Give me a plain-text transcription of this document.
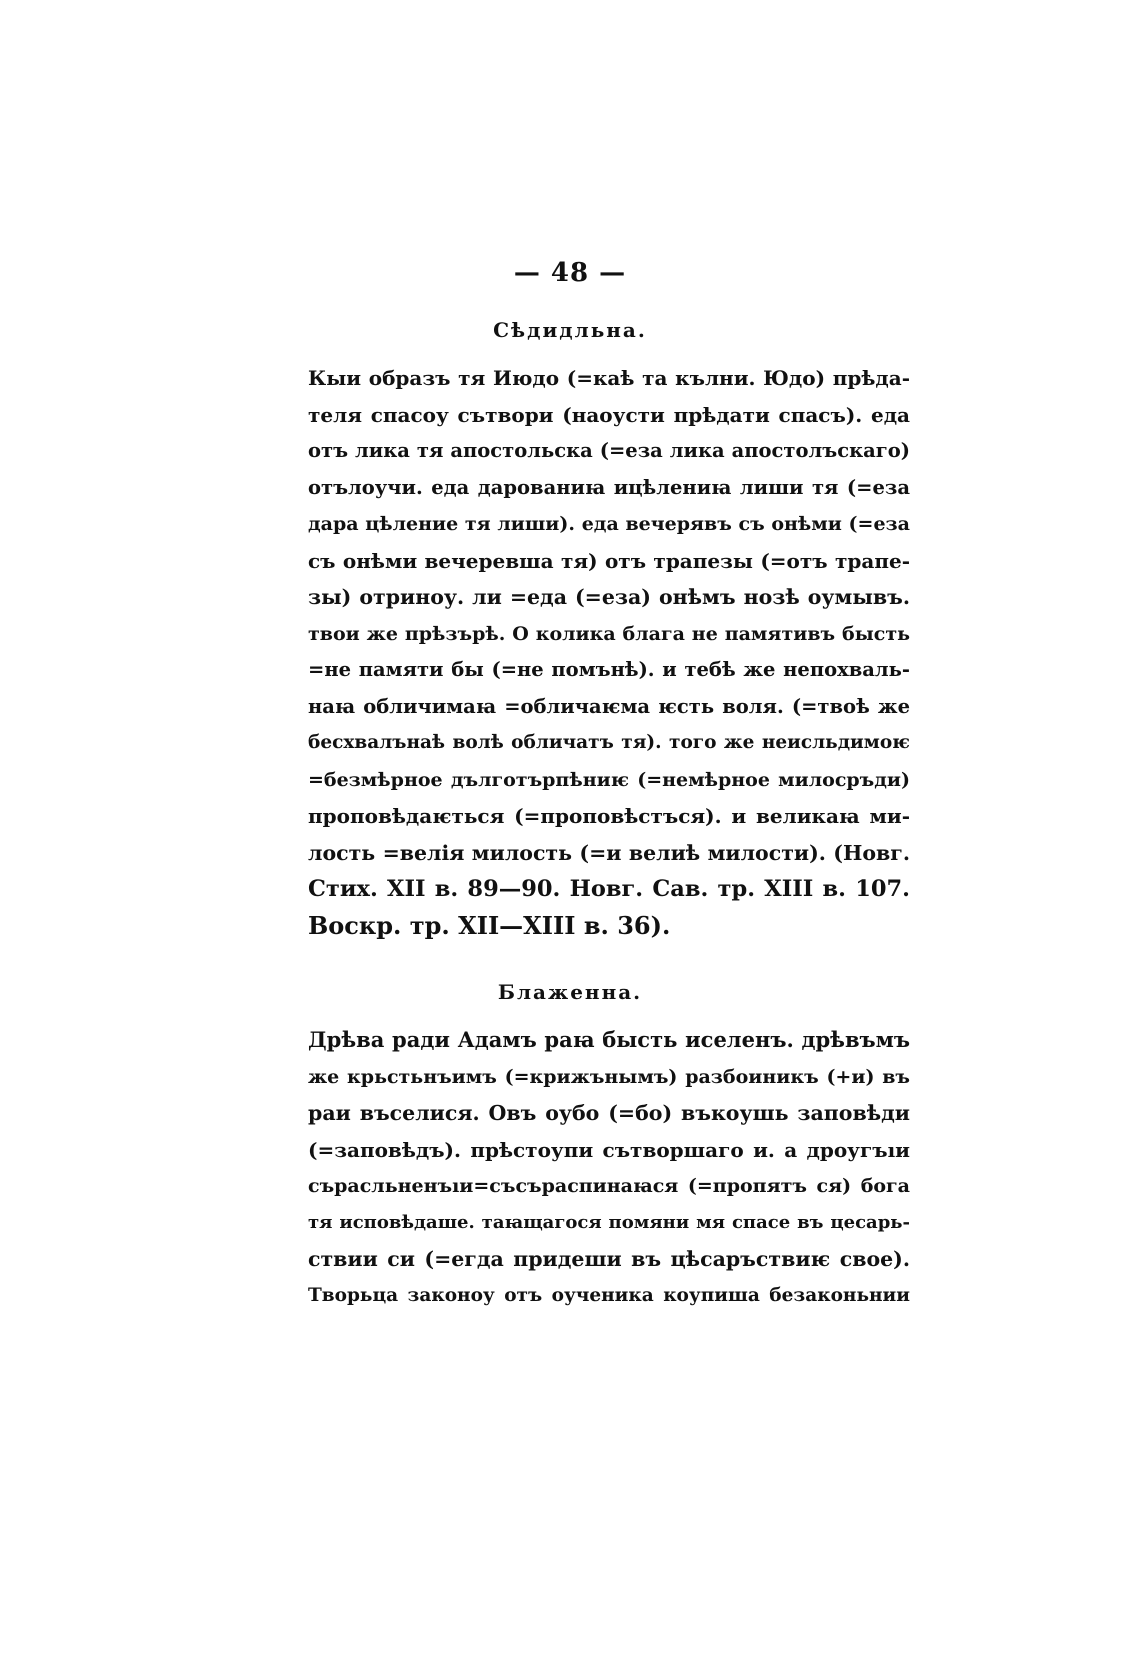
— 48 —
Сѣдидльна.
Кыи образъ тя Июдо (=каѣ та кълни. Юдо) прѣда-
теля спасоу сътвори (наоусти прѣдати спасъ). еда
отъ лика тя апостольска (=еза лика апостолъскаго)
отълоучи. еда дарованиꙗ ицѣлениꙗ лиши тя (=еза
дара цѣление тя лиши). еда вечерявъ съ онѣми (=еза
съ онѣми вечеревша тя) отъ трапезы (=отъ трапе-
зы) отриноу. ли =еда (=еза) онѣмъ нозѣ оумывъ.
твои же прѣзърѣ. О колика блага не памятивъ бысть
=не памяти бы (=не помънѣ). и тебѣ же непохваль-
наꙗ обличимаꙗ =обличаѥма ѥсть воля. (=твоѣ же
бесхвалънаѣ волѣ обличатъ тя). того же неисльдимоѥ
=безмѣрное дълготърпѣниѥ (=немѣрное милосръди)
проповѣдаѥться (=проповѣстъся). и великаꙗ ми-
лость =велія милость (=и велиѣ милости). (Новг.
Стих. XII в. 89—90. Новг. Сав. тр. XIII в. 107.
Воскр. тр. XII—XIII в. 36).
Блаженна.
Дрѣва ради Адамъ раꙗ бысть иселенъ. дрѣвъмъ
же крьстьнъимъ (=крижънымъ) разбоиникъ (+и) въ
раи въселися. Овъ оубо (=бо) въкоушь заповѣди
(=заповѣдъ). прѣстоупи сътворшаго и. а дроугъıи
сърасльненъıи=съсъраспинаꙗся (=пропятъ ся) бога
тя исповѣдаше. таꙗщагося помяни мя спасе въ цесарь-
ствии си (=егда придеши въ цѣсаръствиѥ свое).
Творьца законоу отъ оученика коупиша безаконьнии
